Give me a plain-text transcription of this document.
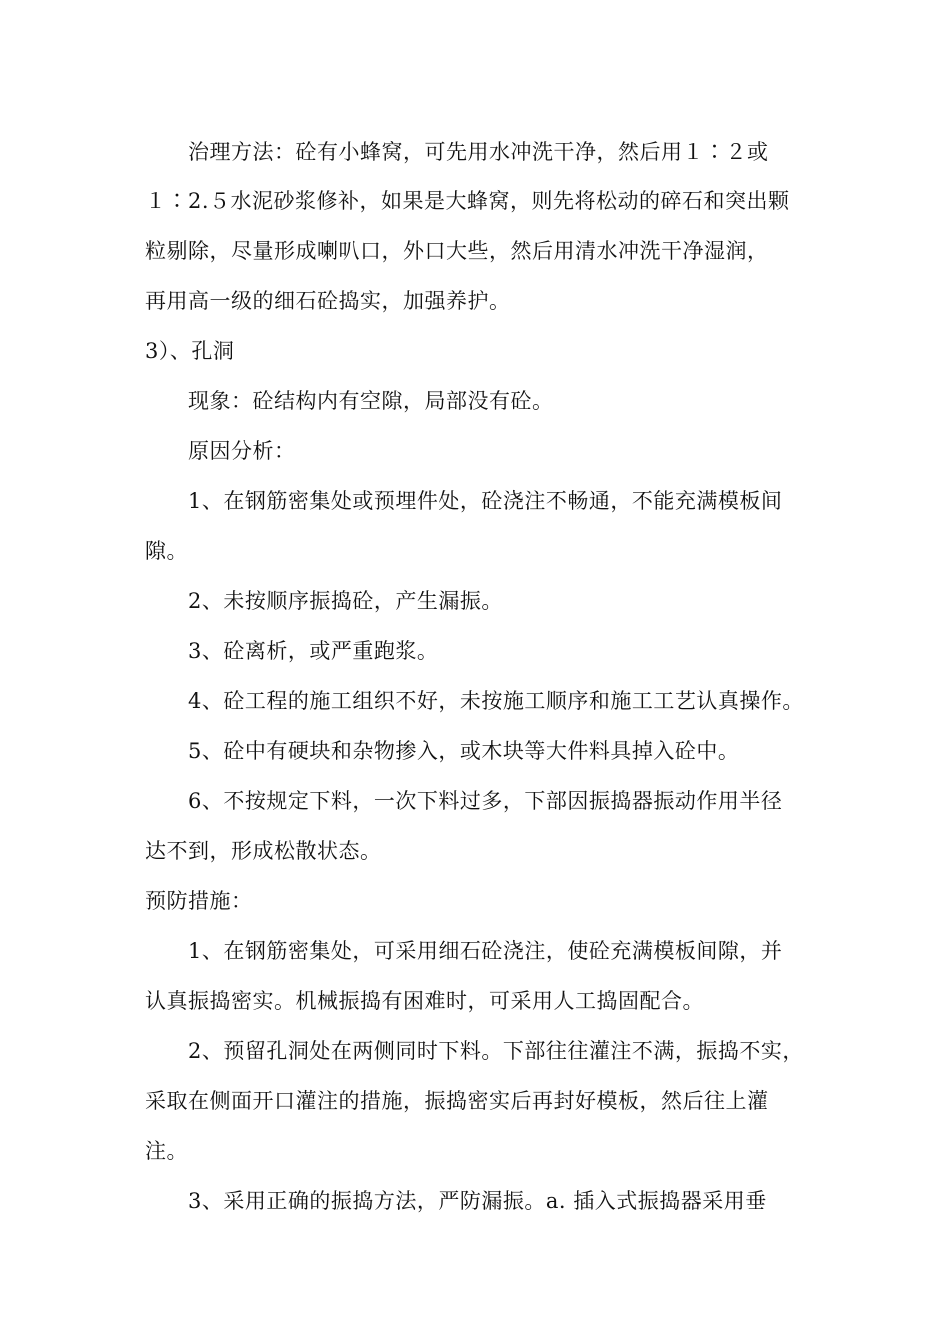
治理方法：砼有小蜂窝，可先用水冲洗干净，然后用１∶２或
１∶2.５水泥砂浆修补，如果是大蜂窝，则先将松动的碎石和突出颗
粒剔除，尽量形成喇叭口，外口大些，然后用清水冲洗干净湿润，
再用高一级的细石砼捣实，加强养护。
3）、孔洞
现象：砼结构内有空隙，局部没有砼。
原因分析：
1、在钢筋密集处或预埋件处，砼浇注不畅通，不能充满模板间
隙。
2、未按顺序振捣砼，产生漏振。
3、砼离析，或严重跑浆。
4、砼工程的施工组织不好，未按施工顺序和施工工艺认真操作。
5、砼中有硬块和杂物掺入，或木块等大件料具掉入砼中。
6、不按规定下料，一次下料过多，下部因振捣器振动作用半径
达不到，形成松散状态。
预防措施：
1、在钢筋密集处，可采用细石砼浇注，使砼充满模板间隙，并
认真振捣密实。机械振捣有困难时，可采用人工捣固配合。
2、预留孔洞处在两侧同时下料。下部往往灌注不满，振捣不实，
采取在侧面开口灌注的措施，振捣密实后再封好模板，然后往上灌
注。
3、采用正确的振捣方法，严防漏振。a. 插入式振捣器采用垂
